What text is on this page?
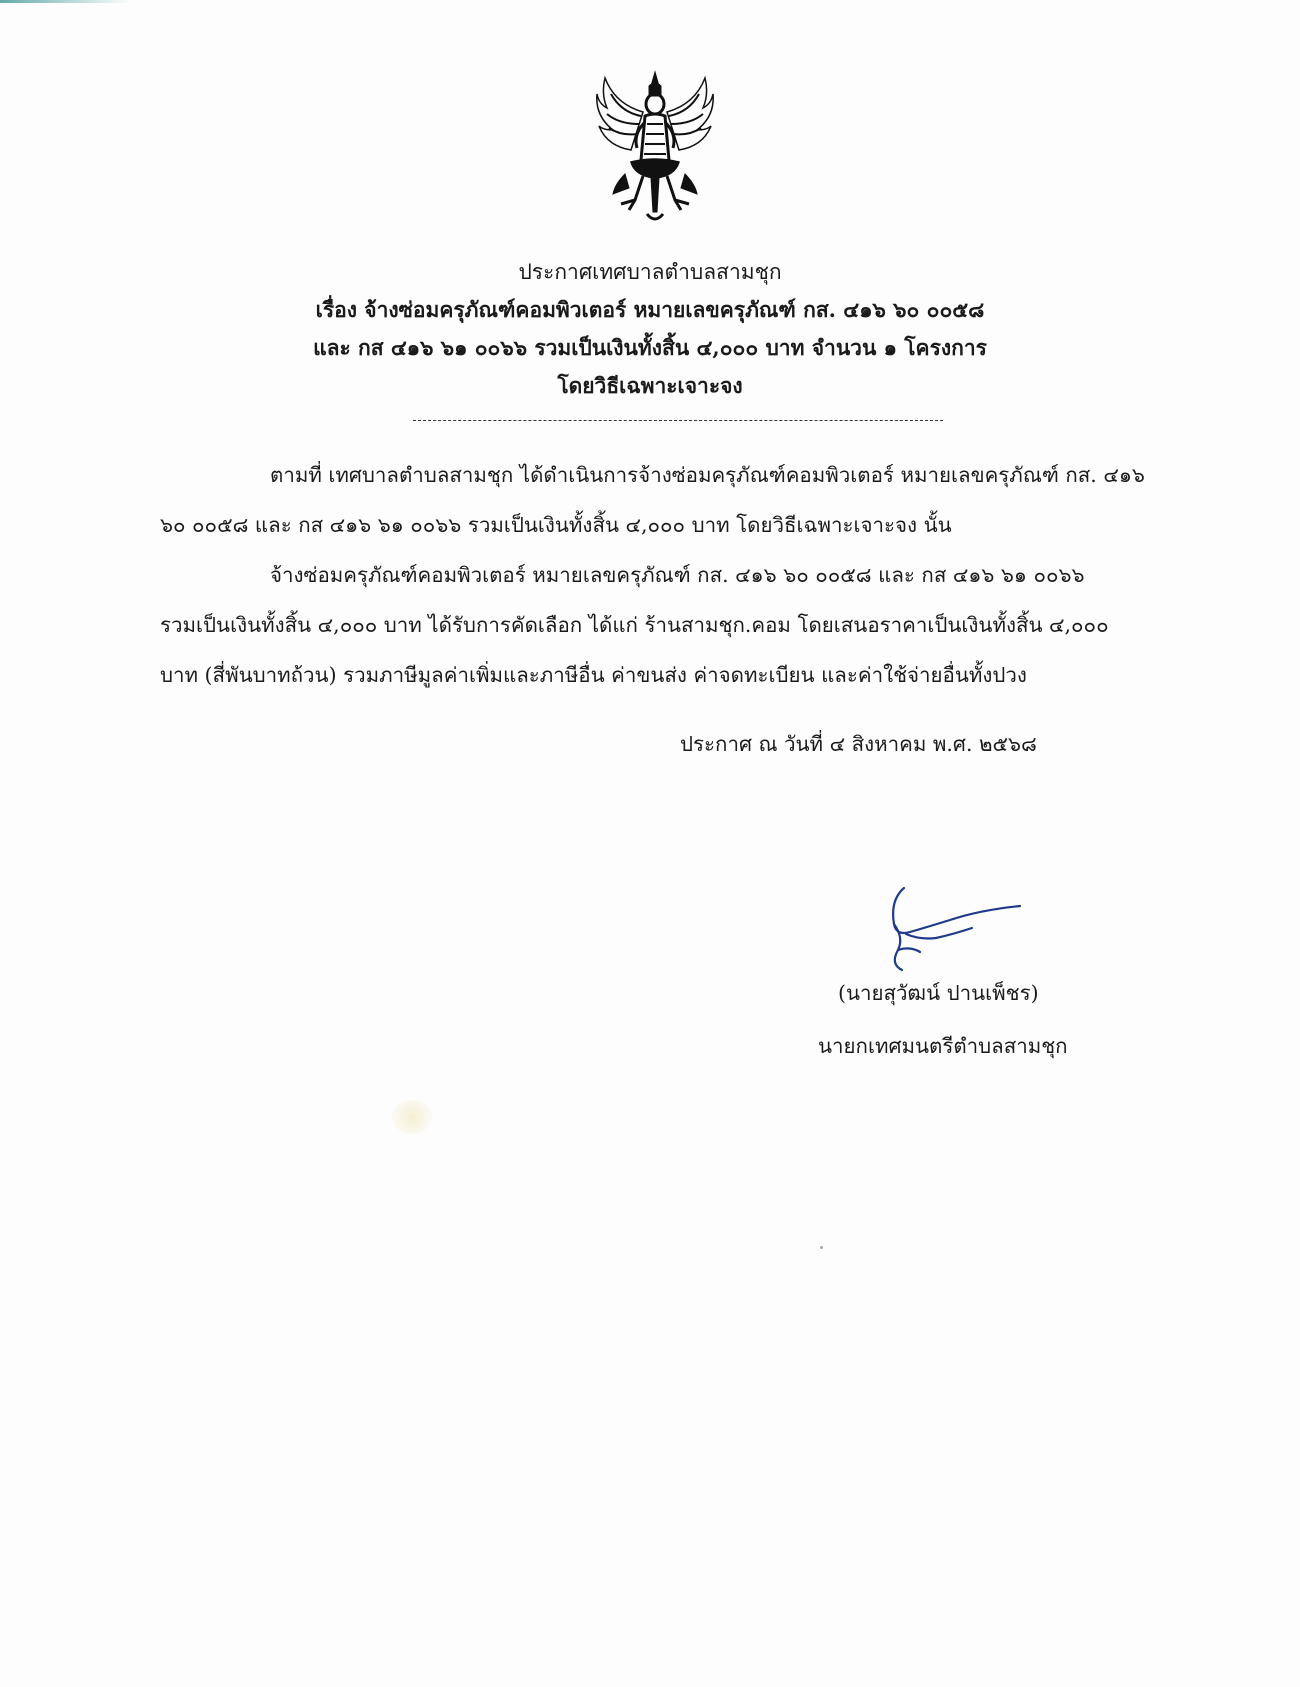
ประกาศเทศบาลตำบลสามชุก
เรื่อง จ้างซ่อมครุภัณฑ์คอมพิวเตอร์ หมายเลขครุภัณฑ์ กส. ๔๑๖ ๖๐ ๐๐๕๘
และ กส ๔๑๖ ๖๑ ๐๐๖๖ รวมเป็นเงินทั้งสิ้น ๔,๐๐๐ บาท จำนวน ๑ โครงการ
โดยวิธีเฉพาะเจาะจง

ตามที่ เทศบาลตำบลสามชุก ได้ดำเนินการจ้างซ่อมครุภัณฑ์คอมพิวเตอร์ หมายเลขครุภัณฑ์ กส. ๔๑๖

๖๐ ๐๐๕๘ และ กส ๔๑๖ ๖๑ ๐๐๖๖ รวมเป็นเงินทั้งสิ้น ๔,๐๐๐ บาท โดยวิธีเฉพาะเจาะจง นั้น

จ้างซ่อมครุภัณฑ์คอมพิวเตอร์ หมายเลขครุภัณฑ์ กส. ๔๑๖ ๖๐ ๐๐๕๘ และ กส ๔๑๖ ๖๑ ๐๐๖๖

รวมเป็นเงินทั้งสิ้น ๔,๐๐๐ บาท ได้รับการคัดเลือก ได้แก่ ร้านสามชุก.คอม โดยเสนอราคาเป็นเงินทั้งสิ้น ๔,๐๐๐

บาท (สี่พันบาทถ้วน) รวมภาษีมูลค่าเพิ่มและภาษีอื่น ค่าขนส่ง ค่าจดทะเบียน และค่าใช้จ่ายอื่นทั้งปวง

ประกาศ ณ วันที่ ๔ สิงหาคม พ.ศ. ๒๕๖๘
(นายสุวัฒน์ ปานเพ็ชร)
นายกเทศมนตรีตำบลสามชุก
